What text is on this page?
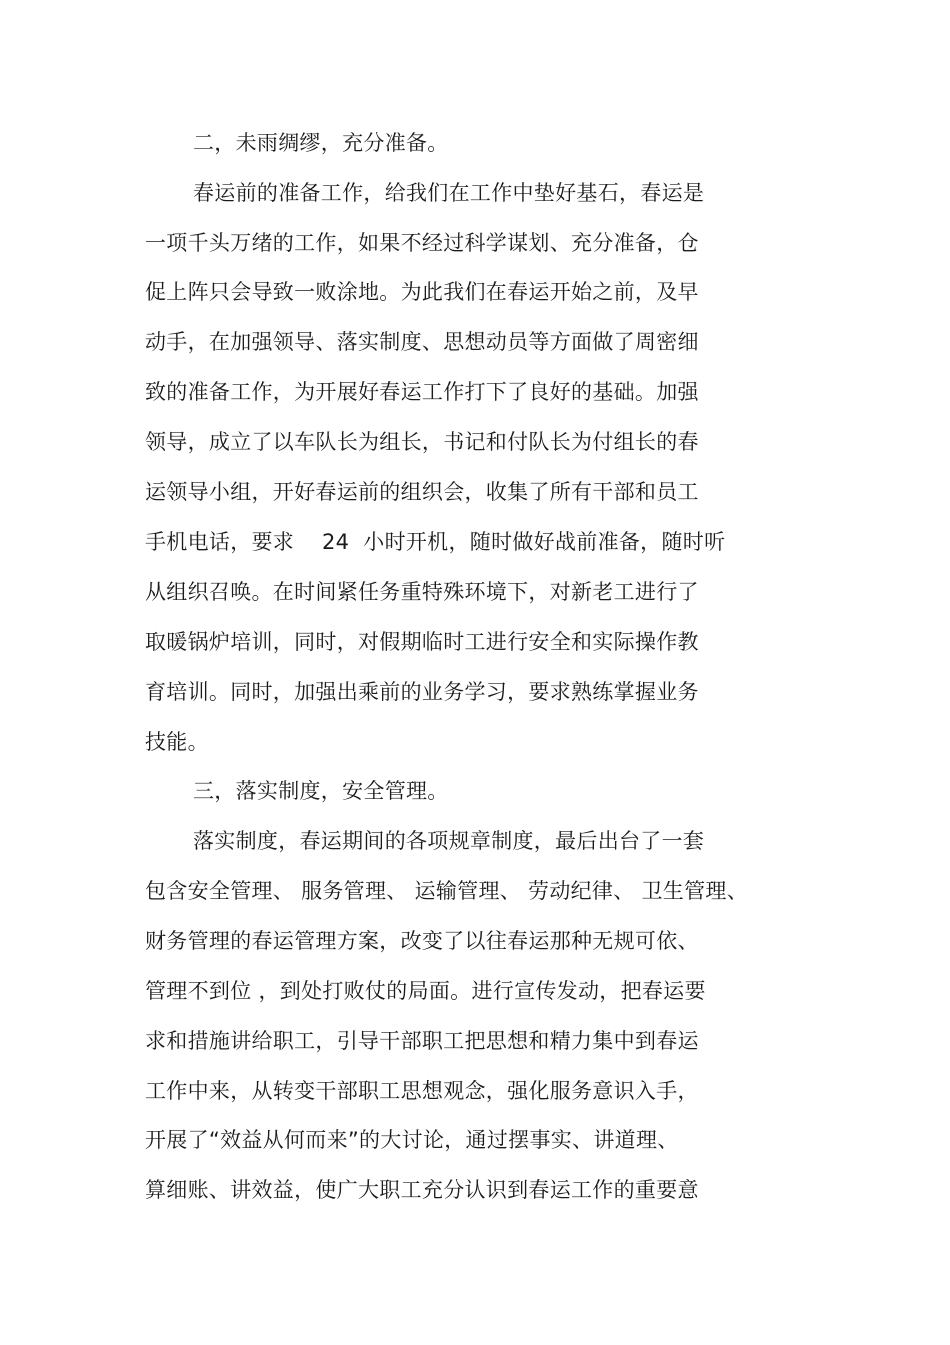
二，未雨绸缪，充分准备。
春运前的准备工作，给我们在工作中垫好基石，春运是
一项千头万绪的工作，如果不经过科学谋划、充分准备，仓
促上阵只会导致一败涂地。为此我们在春运开始之前，及早
动手，在加强领导、落实制度、思想动员等方面做了周密细
致的准备工作，为开展好春运工作打下了良好的基础。加强
领导，成立了以车队长为组长，书记和付队长为付组长的春
运领导小组，开好春运前的组织会，收集了所有干部和员工
手机电话，要求    24  小时开机，随时做好战前准备，随时听
从组织召唤。在时间紧任务重特殊环境下，对新老工进行了
取暖锅炉培训，同时，对假期临时工进行安全和实际操作教
育培训。同时，加强出乘前的业务学习，要求熟练掌握业务
技能。
三，落实制度，安全管理。
落实制度，春运期间的各项规章制度，最后出台了一套
包含安全管理、 服务管理、 运输管理、 劳动纪律、 卫生管理、
财务管理的春运管理方案，改变了以往春运那种无规可依、
管理不到位 ，到处打败仗的局面。进行宣传发动，把春运要
求和措施讲给职工，引导干部职工把思想和精力集中到春运
工作中来，从转变干部职工思想观念，强化服务意识入手，
开展了“效益从何而来”的大讨论，通过摆事实、讲道理、
算细账、讲效益，使广大职工充分认识到春运工作的重要意
